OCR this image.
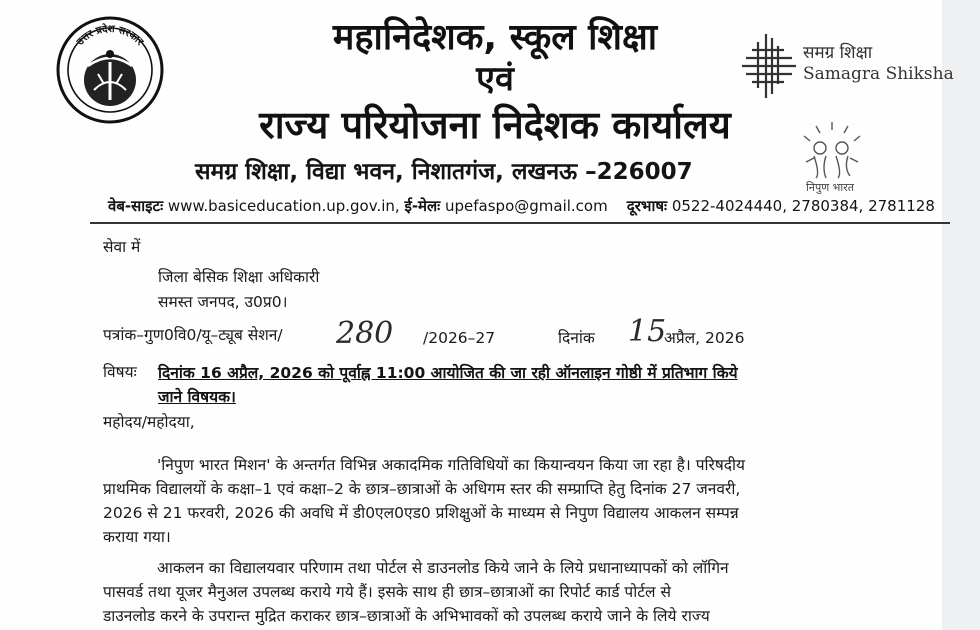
उत्तर प्रदेश सरकार	महानिदेशक, स्कूल शिक्षा
एवं
राज्य परियोजना निदेशक कार्यालय
समग्र शिक्षा, विद्या भवन, निशातगंज, लखनऊ –226007
वेब-साइटः www.basiceducation.up.gov.in, ई-मेलः upefaspo@gmail.com दूरभाषः 0522-4024440, 2780384, 2781128
समग्र शिक्षा
Samagra Shiksha
निपुण भारत
सेवा में
जिला बेसिक शिक्षा अधिकारी
समस्त जनपद, उ0प्र0।
पत्रांक–गुण0वि0/यू–ट्यूब सेशन/ 280 /2026–27	दिनांक 15
अप्रैल, 2026
विषयः दिनांक 16 अप्रैल, 2026 को पूर्वाह्न 11:00 आयोजित की जा रही ऑनलाइन गोष्ठी में प्रतिभाग किये
जाने विषयक।
महोदय/महोदया,
'निपुण भारत मिशन' के अन्तर्गत विभिन्न अकादमिक गतिविधियों का कियान्वयन किया जा रहा है। परिषदीय
प्राथमिक विद्यालयों के कक्षा–1 एवं कक्षा–2 के छात्र–छात्राओं के अधिगम स्तर की सम्प्राप्ति हेतु दिनांक 27 जनवरी,
2026 से 21 फरवरी, 2026 की अवधि में डी0एल0एड0 प्रशिक्षुओं के माध्यम से निपुण विद्यालय आकलन सम्पन्न
कराया गया।
आकलन का विद्यालयवार परिणाम तथा पोर्टल से डाउनलोड किये जाने के लिये प्रधानाध्यापकों को लॉगिन
पासवर्ड तथा यूजर मैनुअल उपलब्ध कराये गये हैं। इसके साथ ही छात्र–छात्राओं का रिपोर्ट कार्ड पोर्टल से
डाउनलोड करने के उपरान्त मुद्रित कराकर छात्र–छात्राओं के अभिभावकों को उपलब्ध कराये जाने के लिये राज्य
